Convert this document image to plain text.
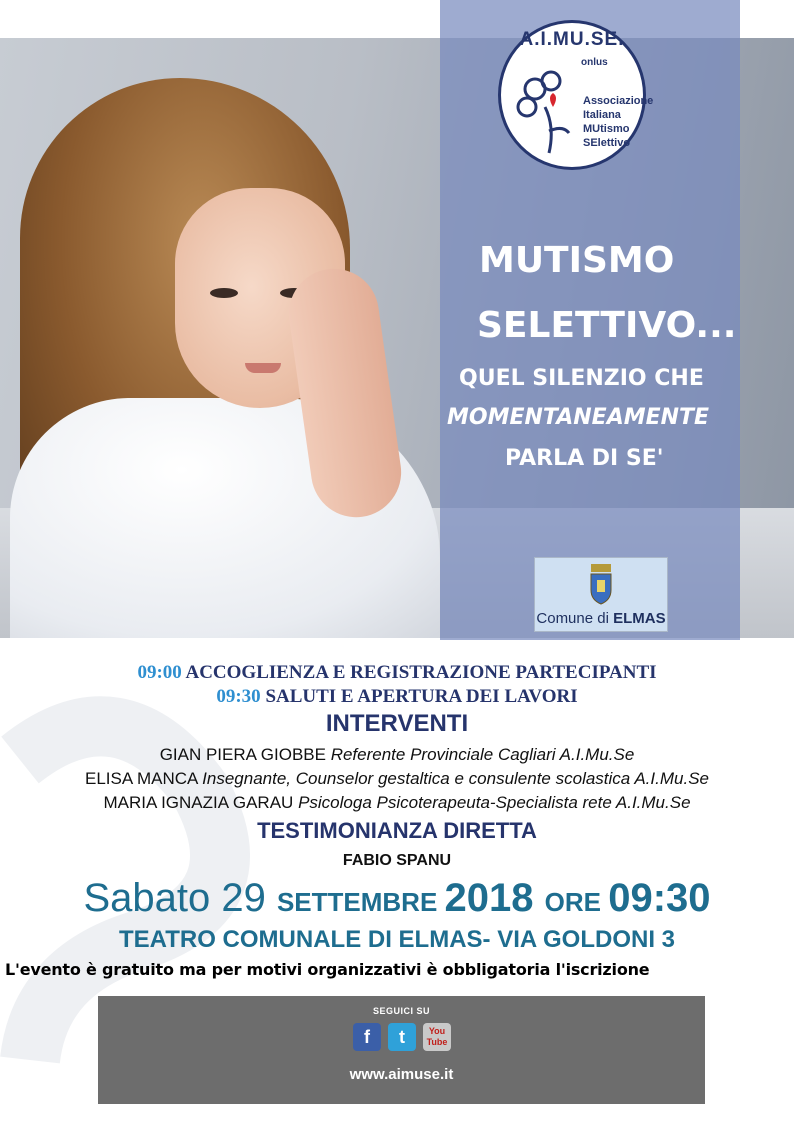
A.I.MU.SE.
onlus
Associazione
Italiana
MUtismo
SElettivo
MUTISMO
SELETTIVO...
QUEL SILENZIO CHE
MOMENTANEAMENTE
PARLA DI SE'
Comune di ELMAS
09:00 ACCOGLIENZA E REGISTRAZIONE PARTECIPANTI
09:30 SALUTI E APERTURA DEI LAVORI
INTERVENTI
GIAN PIERA GIOBBE Referente Provinciale Cagliari A.I.Mu.Se
ELISA MANCA Insegnante, Counselor gestaltica e consulente scolastica A.I.Mu.Se
MARIA IGNAZIA GARAU Psicologa Psicoterapeuta-Specialista rete A.I.Mu.Se
TESTIMONIANZA DIRETTA
FABIO SPANU
Sabato 29 SETTEMBRE 2018 ORE 09:30
TEATRO COMUNALE DI ELMAS- VIA GOLDONI 3
L'evento è gratuito ma per motivi organizzativi è obbligatoria l'iscrizione
SEGUICI SU
f	t	You
Tube
www.aimuse.it
